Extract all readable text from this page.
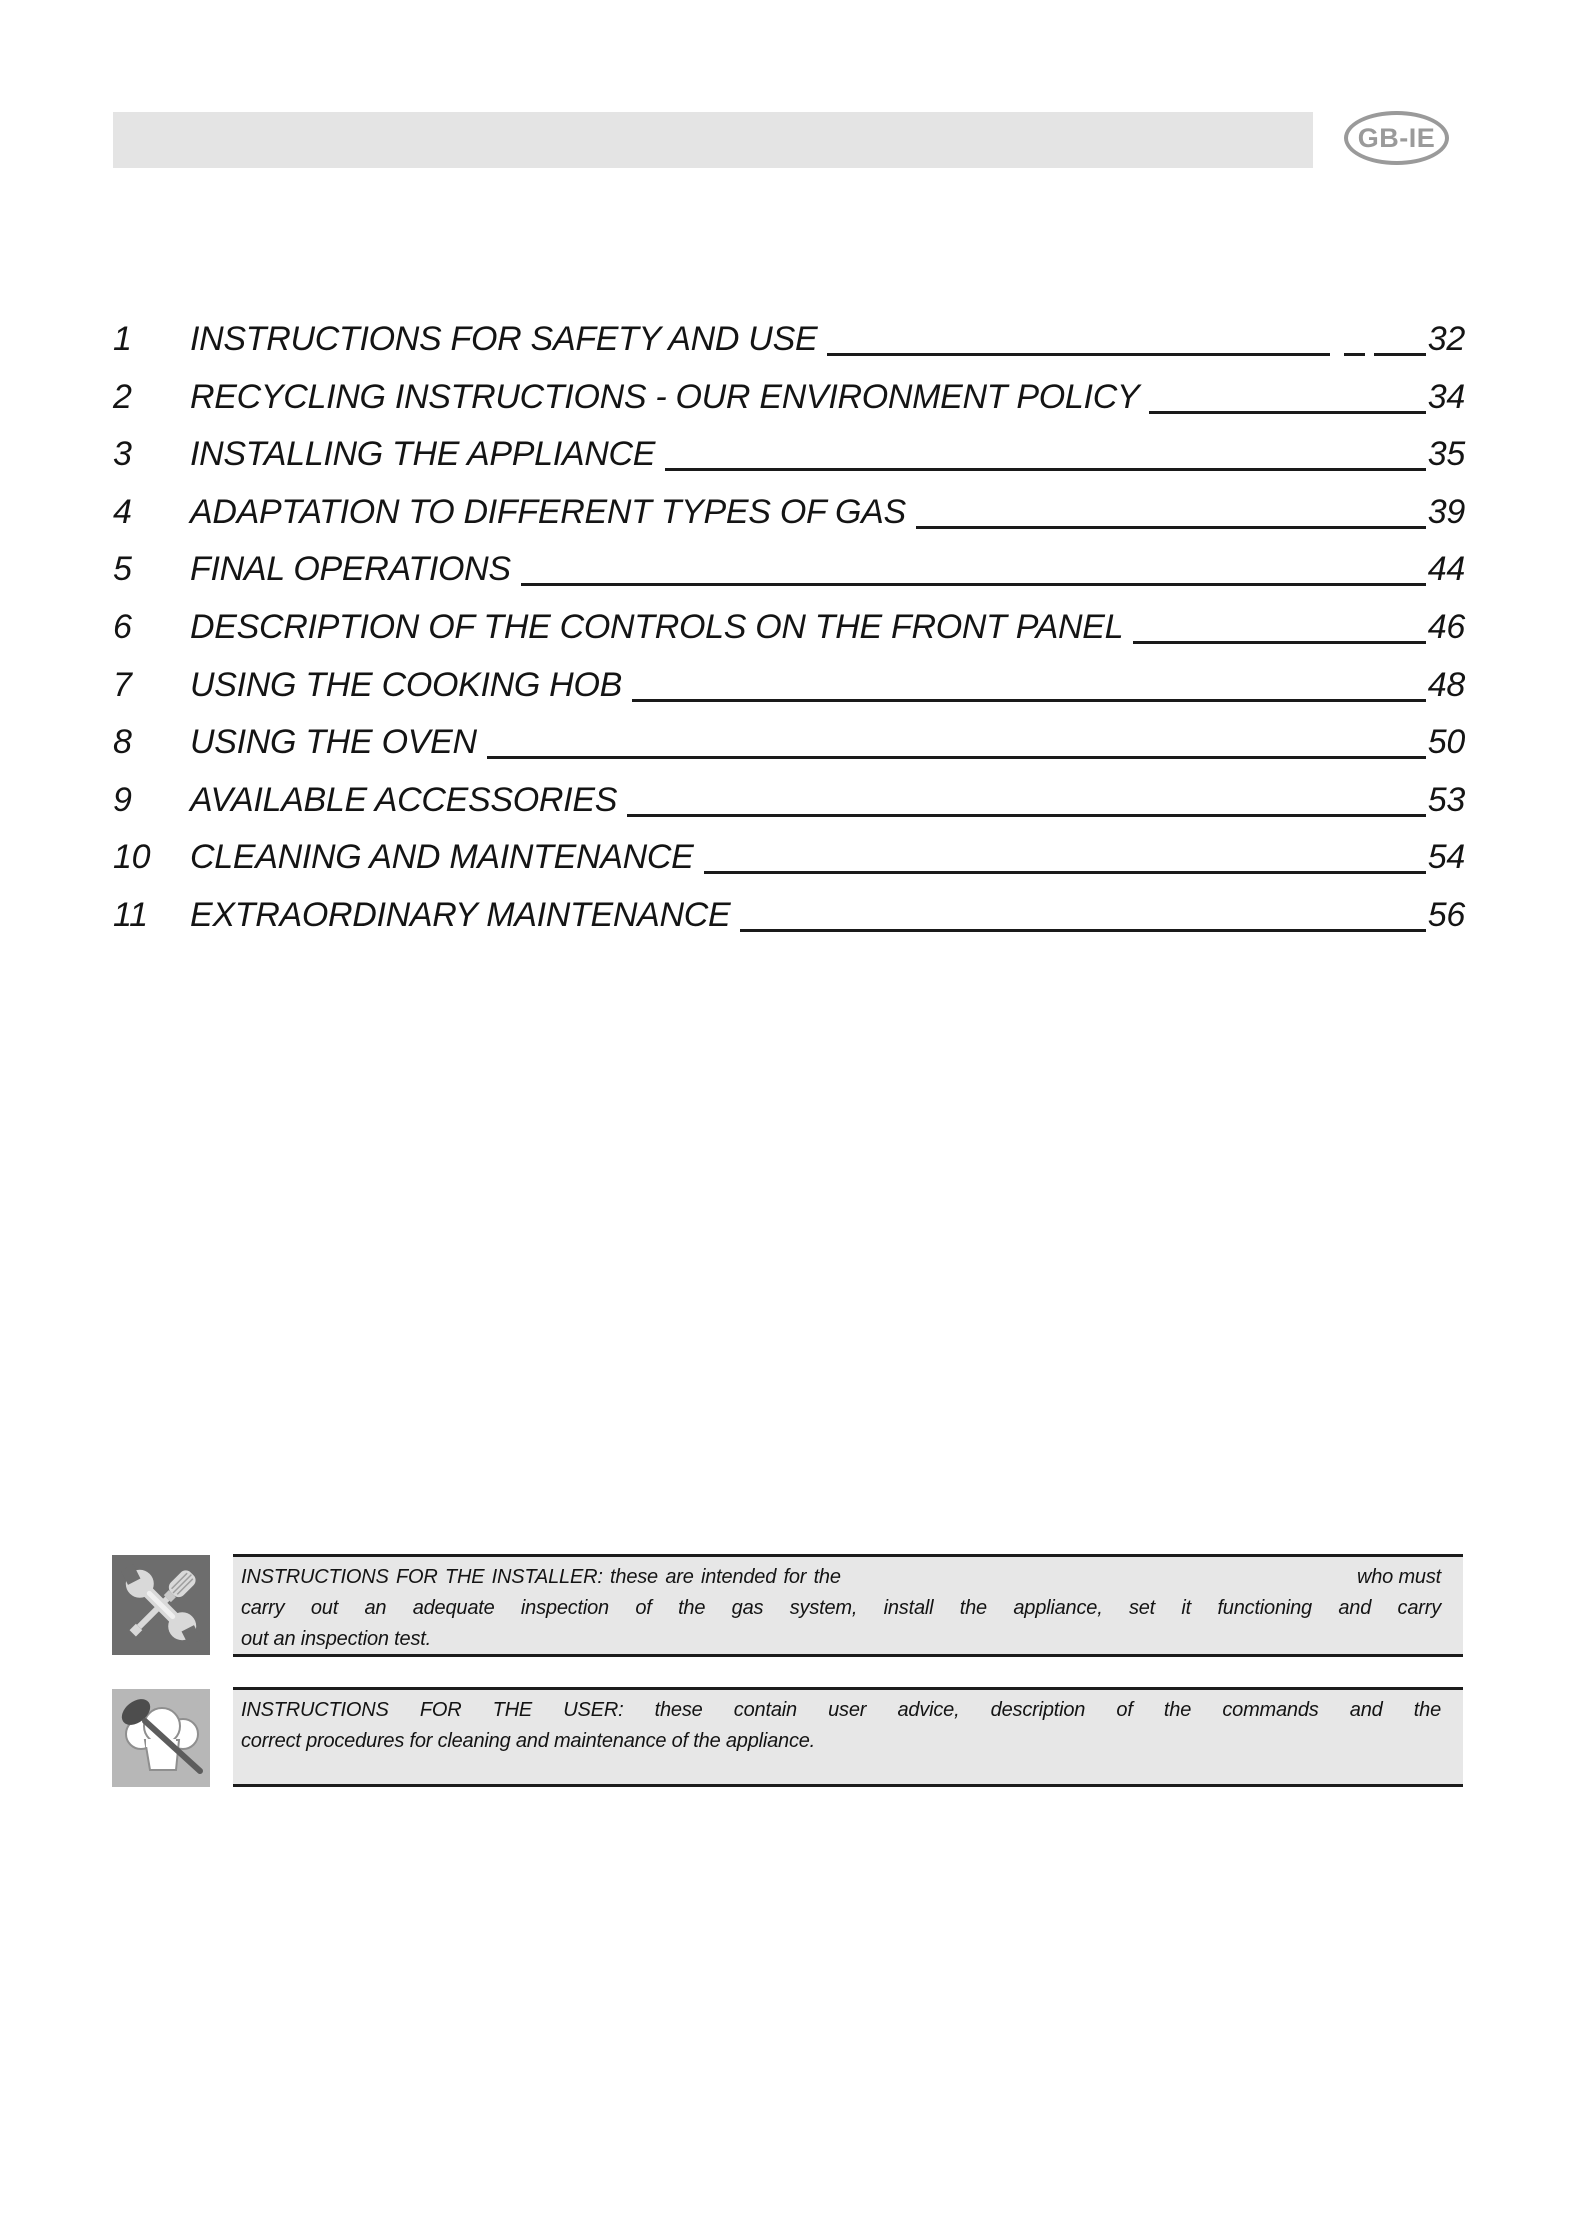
GB-IE
1	INSTRUCTIONS FOR SAFETY AND USE	32
2	RECYCLING INSTRUCTIONS - OUR ENVIRONMENT POLICY	34
3	INSTALLING THE APPLIANCE	35
4	ADAPTATION TO DIFFERENT TYPES OF GAS	39
5	FINAL OPERATIONS	44
6	DESCRIPTION OF THE CONTROLS ON THE FRONT PANEL	46
7	USING THE COOKING HOB	48
8	USING THE OVEN	50
9	AVAILABLE ACCESSORIES	53
10	CLEANING AND MAINTENANCE	54
11	EXTRAORDINARY MAINTENANCE	56
INSTRUCTIONS FOR THE INSTALLER: these are intended for the	who must
carry out an adequate inspection of the gas system, install the appliance, set it functioning and carry
out an inspection test.
INSTRUCTIONS FOR THE USER: these contain user advice, description of the commands and the
correct procedures for cleaning and maintenance of the appliance.
